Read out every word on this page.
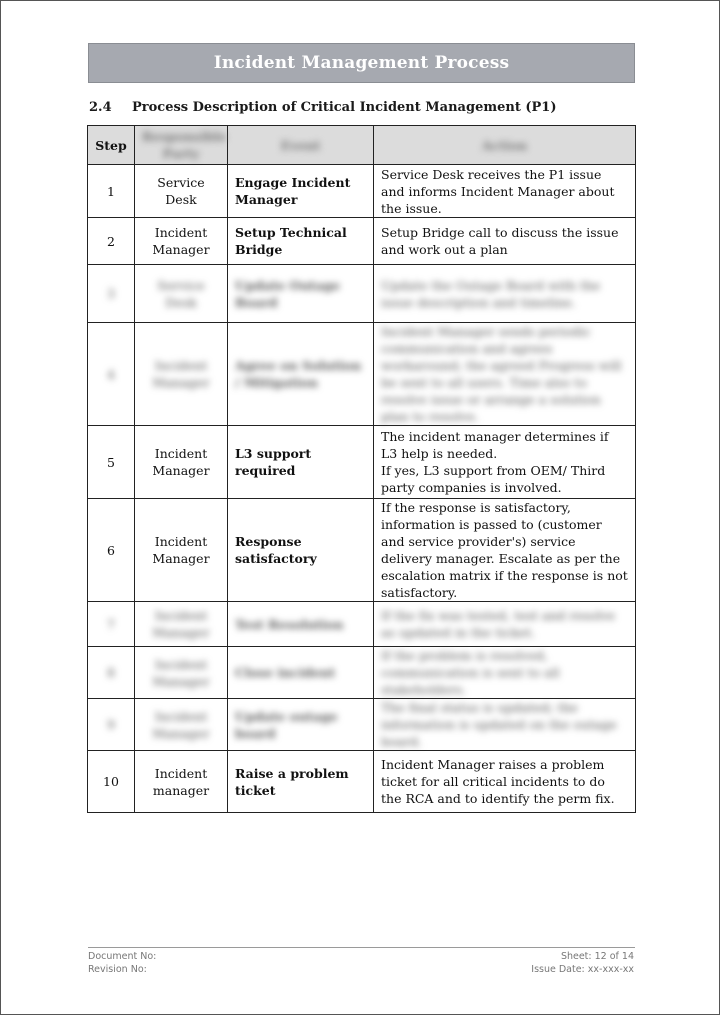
Incident Management Process
2.4 Process Description of Critical Incident Management (P1)
Step	Responsible Party	Event	Action
1	Service Desk	Engage Incident Manager	Service Desk receives the P1 issue and informs Incident Manager about the issue.
2	Incident Manager	Setup Technical Bridge	Setup Bridge call to discuss the issue and work out a plan
3	Service Desk	Update Outage Board	Update the Outage Board with the issue description and timeline.
4	Incident Manager	Agree on Solution / Mitigation	Incident Manager sends periodic communication and agrees workaround; the agreed Progress will be sent to all users. Time also to resolve issue or arrange a solution plan to resolve.
5	Incident Manager	L3 support required	The incident manager determines if L3 help is needed.
If yes, L3 support from OEM/ Third party companies is involved.
6	Incident Manager	Response satisfactory	If the response is satisfactory, information is passed to (customer and service provider's) service delivery manager. Escalate as per the escalation matrix if the response is not satisfactory.
7	Incident Manager	Test Resolution	If the fix was tested, test and resolve as updated in the ticket.
8	Incident Manager	Close incident	If the problem is resolved, communication is sent to all stakeholders.
9	Incident Manager	Update outage board	The final status is updated; the information is updated on the outage board.
10	Incident manager	Raise a problem ticket	Incident Manager raises a problem ticket for all critical incidents to do the RCA and to identify the perm fix.
Document No:
Revision No:
Sheet: 12 of 14
Issue Date: xx-xxx-xx
